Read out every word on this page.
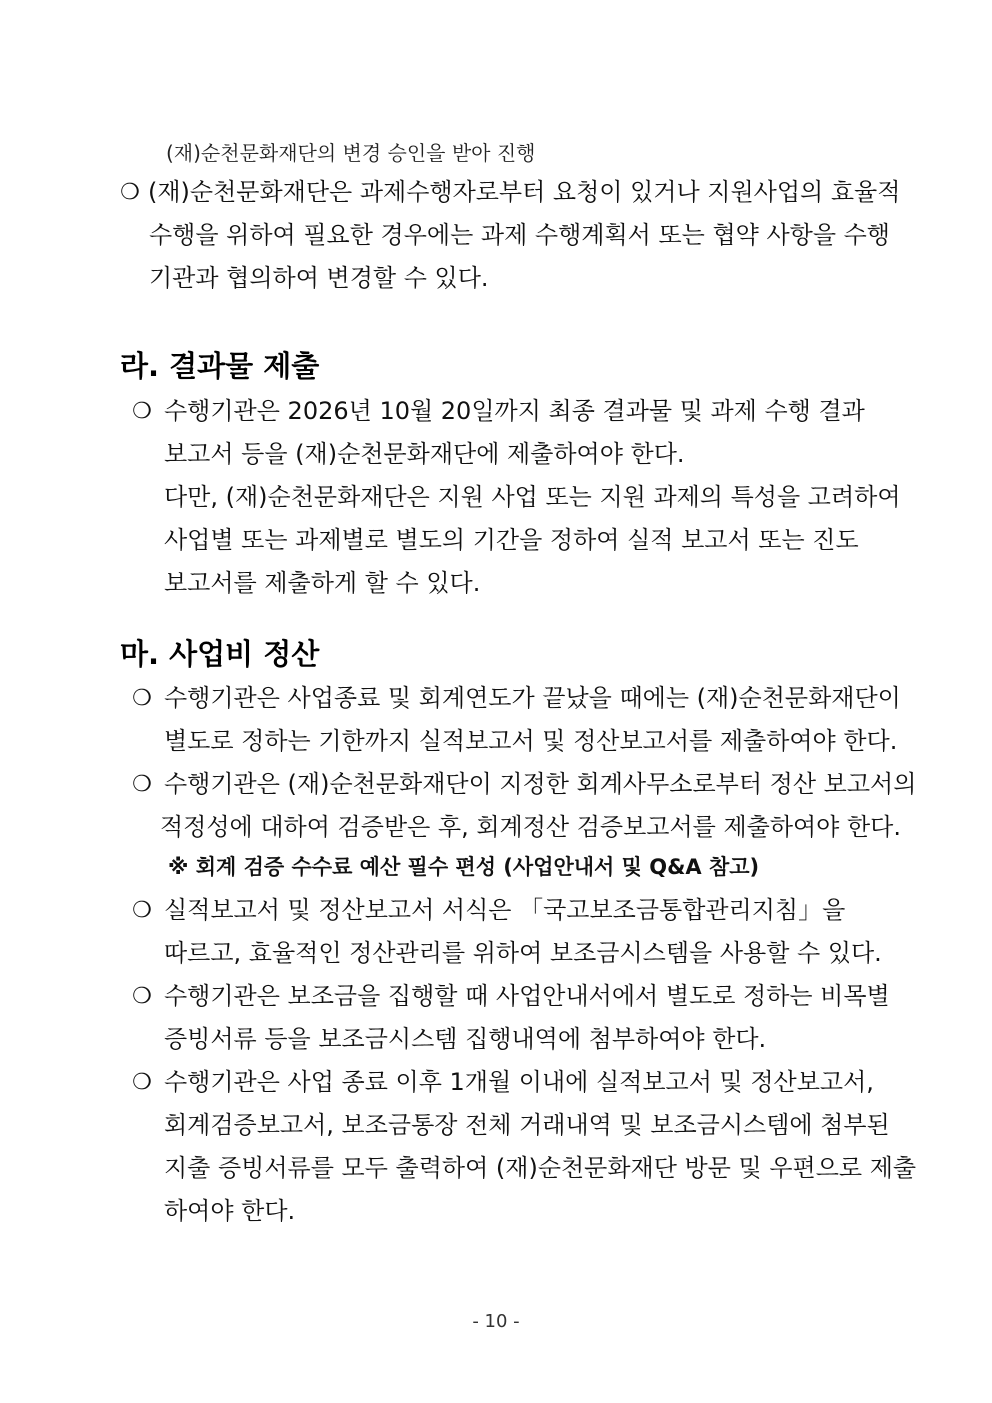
(재)순천문화재단의 변경 승인을 받아 진행
❍ (재)순천문화재단은 과제수행자로부터 요청이 있거나 지원사업의 효율적
수행을 위하여 필요한 경우에는 과제 수행계획서 또는 협약 사항을 수행
기관과 협의하여 변경할 수 있다.
라. 결과물 제출
❍ 수행기관은 2026년 10월 20일까지 최종 결과물 및 과제 수행 결과
보고서 등을 (재)순천문화재단에 제출하여야 한다.
다만, (재)순천문화재단은 지원 사업 또는 지원 과제의 특성을 고려하여
사업별 또는 과제별로 별도의 기간을 정하여 실적 보고서 또는 진도
보고서를 제출하게 할 수 있다.
마. 사업비 정산
❍ 수행기관은 사업종료 및 회계연도가 끝났을 때에는 (재)순천문화재단이
별도로 정하는 기한까지 실적보고서 및 정산보고서를 제출하여야 한다.
❍ 수행기관은 (재)순천문화재단이 지정한 회계사무소로부터 정산 보고서의
적정성에 대하여 검증받은 후, 회계정산 검증보고서를 제출하여야 한다.
※ 회계 검증 수수료 예산 필수 편성 (사업안내서 및 Q&A 참고)
❍ 실적보고서 및 정산보고서 서식은 「국고보조금통합관리지침」을
따르고, 효율적인 정산관리를 위하여 보조금시스템을 사용할 수 있다.
❍ 수행기관은 보조금을 집행할 때 사업안내서에서 별도로 정하는 비목별
증빙서류 등을 보조금시스템 집행내역에 첨부하여야 한다.
❍ 수행기관은 사업 종료 이후 1개월 이내에 실적보고서 및 정산보고서,
회계검증보고서, 보조금통장 전체 거래내역 및 보조금시스템에 첨부된
지출 증빙서류를 모두 출력하여 (재)순천문화재단 방문 및 우편으로 제출
하여야 한다.
- 10 -
